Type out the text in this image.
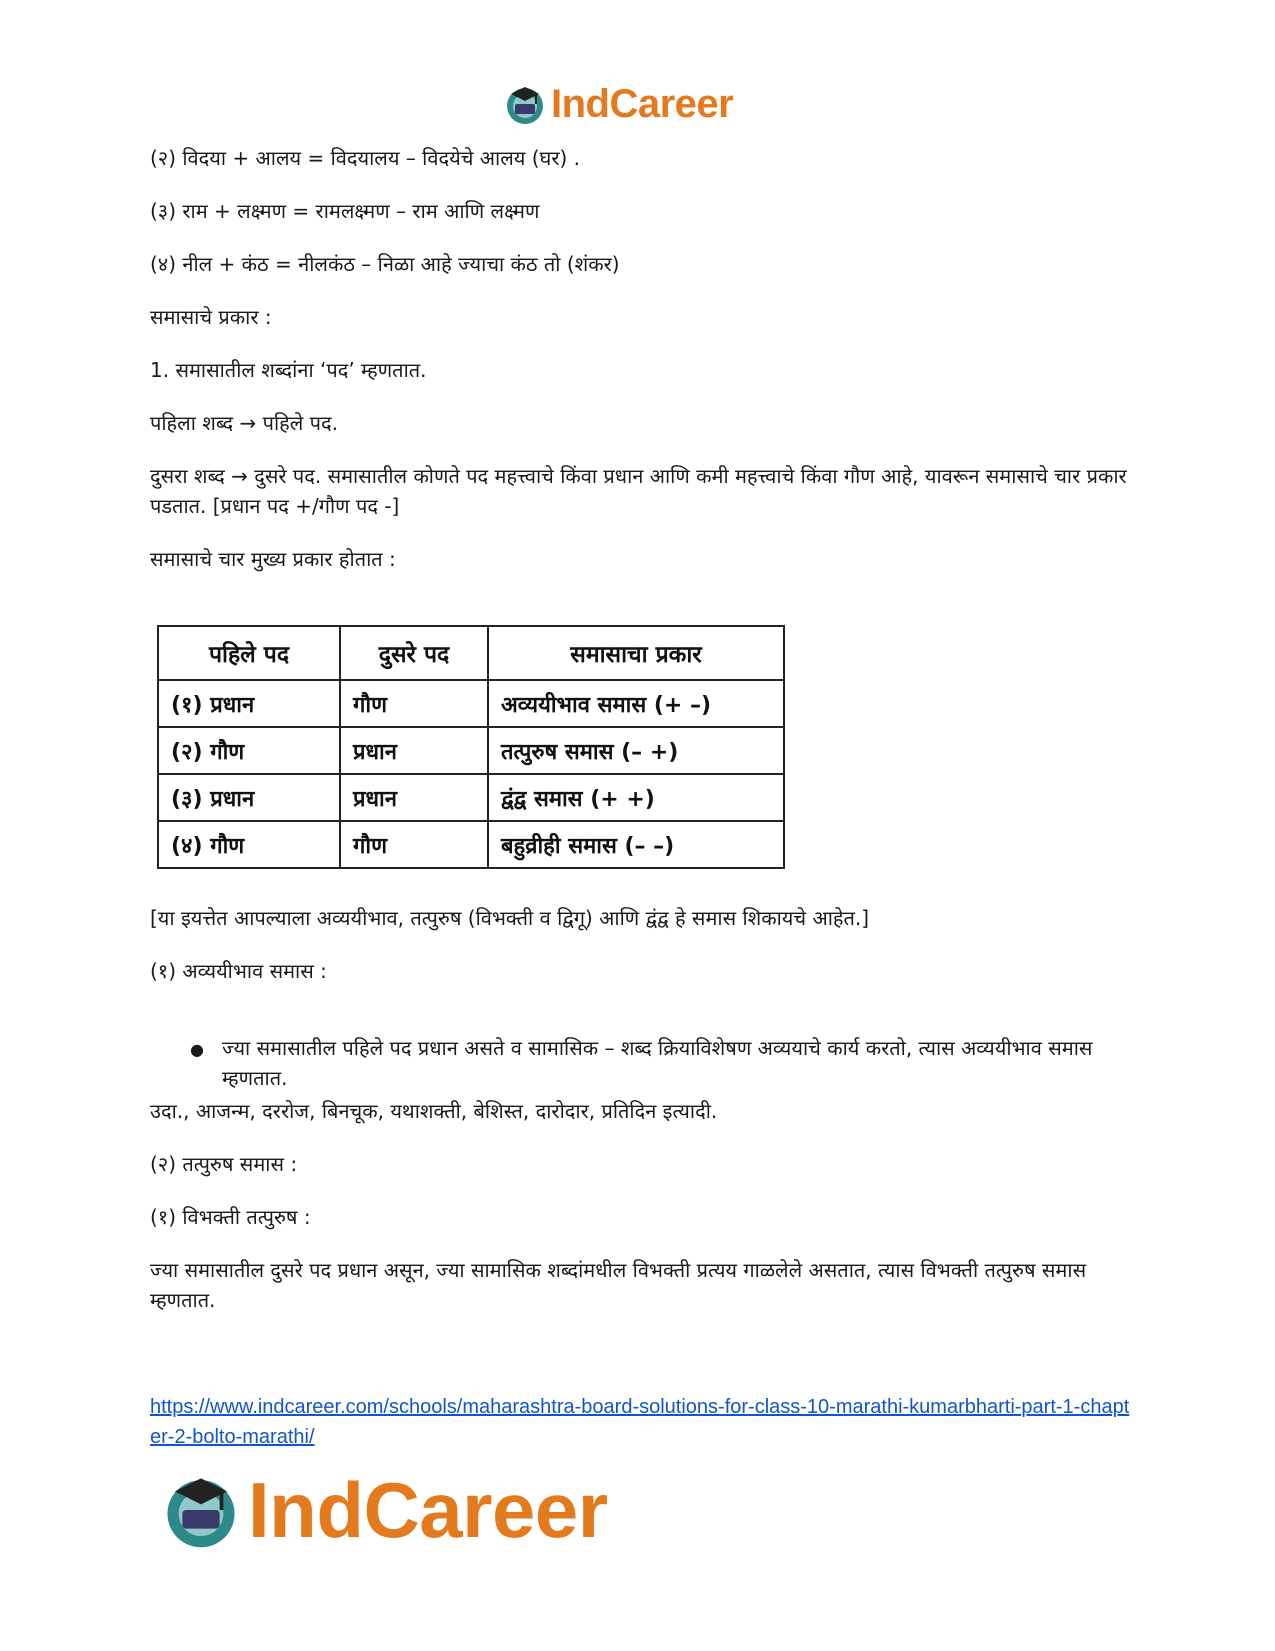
IndCareer
(२) विदया + आलय = विदयालय – विदयेचे आलय (घर) .
(३) राम + लक्ष्मण = रामलक्ष्मण – राम आणि लक्ष्मण
(४) नील + कंठ = नीलकंठ – निळा आहे ज्याचा कंठ तो (शंकर)
समासाचे प्रकार :
1. समासातील शब्दांना ‘पद’ म्हणतात.
पहिला शब्द → पहिले पद.
दुसरा शब्द → दुसरे पद. समासातील कोणते पद महत्त्वाचे किंवा प्रधान आणि कमी महत्त्वाचे किंवा गौण आहे, यावरून समासाचे चार प्रकार पडतात. [प्रधान पद +/गौण पद -]
समासाचे चार मुख्य प्रकार होतात :
पहिले पद	दुसरे पद	समासाचा प्रकार
(१) प्रधान	गौण	अव्ययीभाव समास (+ –)
(२) गौण	प्रधान	तत्पुरुष समास (– +)
(३) प्रधान	प्रधान	द्वंद्व समास (+ +)
(४) गौण	गौण	बहुव्रीही समास (– –)
[या इयत्तेत आपल्याला अव्ययीभाव, तत्पुरुष (विभक्ती व द्विगू) आणि द्वंद्व हे समास शिकायचे आहेत.]
(१) अव्ययीभाव समास :
● ज्या समासातील पहिले पद प्रधान असते व सामासिक – शब्द क्रियाविशेषण अव्ययाचे कार्य करतो, त्यास अव्ययीभाव समास म्हणतात.
उदा., आजन्म, दररोज, बिनचूक, यथाशक्ती, बेशिस्त, दारोदार, प्रतिदिन इत्यादी.
(२) तत्पुरुष समास :
(१) विभक्ती तत्पुरुष :
ज्या समासातील दुसरे पद प्रधान असून, ज्या सामासिक शब्दांमधील विभक्ती प्रत्यय गाळलेले असतात, त्यास विभक्ती तत्पुरुष समास म्हणतात.
https://www.indcareer.com/schools/maharashtra-board-solutions-for-class-10-marathi-kumarbharti-part-1-chapter-2-bolto-marathi/
IndCareer
